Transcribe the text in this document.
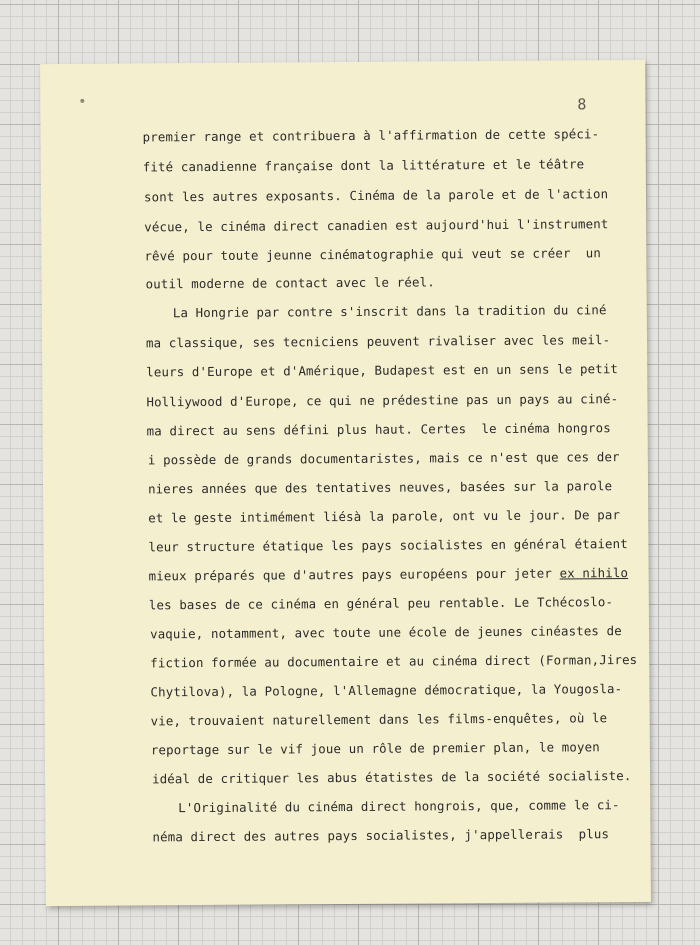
8
premier range et contribuera à l'affirmation de cette spéci-
fité canadienne française dont la littérature et le téâtre
sont les autres exposants. Cinéma de la parole et de l'action
vécue, le cinéma direct canadien est aujourd'hui l'instrument
rêvé pour toute jeunne cinématographie qui veut se créer  un
outil moderne de contact avec le réel.
La Hongrie par contre s'inscrit dans la tradition du ciné
ma classique, ses tecniciens peuvent rivaliser avec les meil-
leurs d'Europe et d'Amérique, Budapest est en un sens le petit
Holliywood d'Europe, ce qui ne prédestine pas un pays au ciné-
ma direct au sens défini plus haut. Certes  le cinéma hongros
i possède de grands documentaristes, mais ce n'est que ces der
nieres années que des tentatives neuves, basées sur la parole
et le geste intimément liésà la parole, ont vu le jour. De par
leur structure étatique les pays socialistes en général étaient
mieux préparés que d'autres pays européens pour jeter ex nihilo
les bases de ce cinéma en général peu rentable. Le Tchécoslo-
vaquie, notamment, avec toute une école de jeunes cinéastes de
fiction formée au documentaire et au cinéma direct (Forman,Jires
Chytilova), la Pologne, l'Allemagne démocratique, la Yougosla-
vie, trouvaient naturellement dans les films-enquêtes, où le
reportage sur le vif joue un rôle de premier plan, le moyen
idéal de critiquer les abus étatistes de la société socialiste.
L'Originalité du cinéma direct hongrois, que, comme le ci-
néma direct des autres pays socialistes, j'appellerais  plus
